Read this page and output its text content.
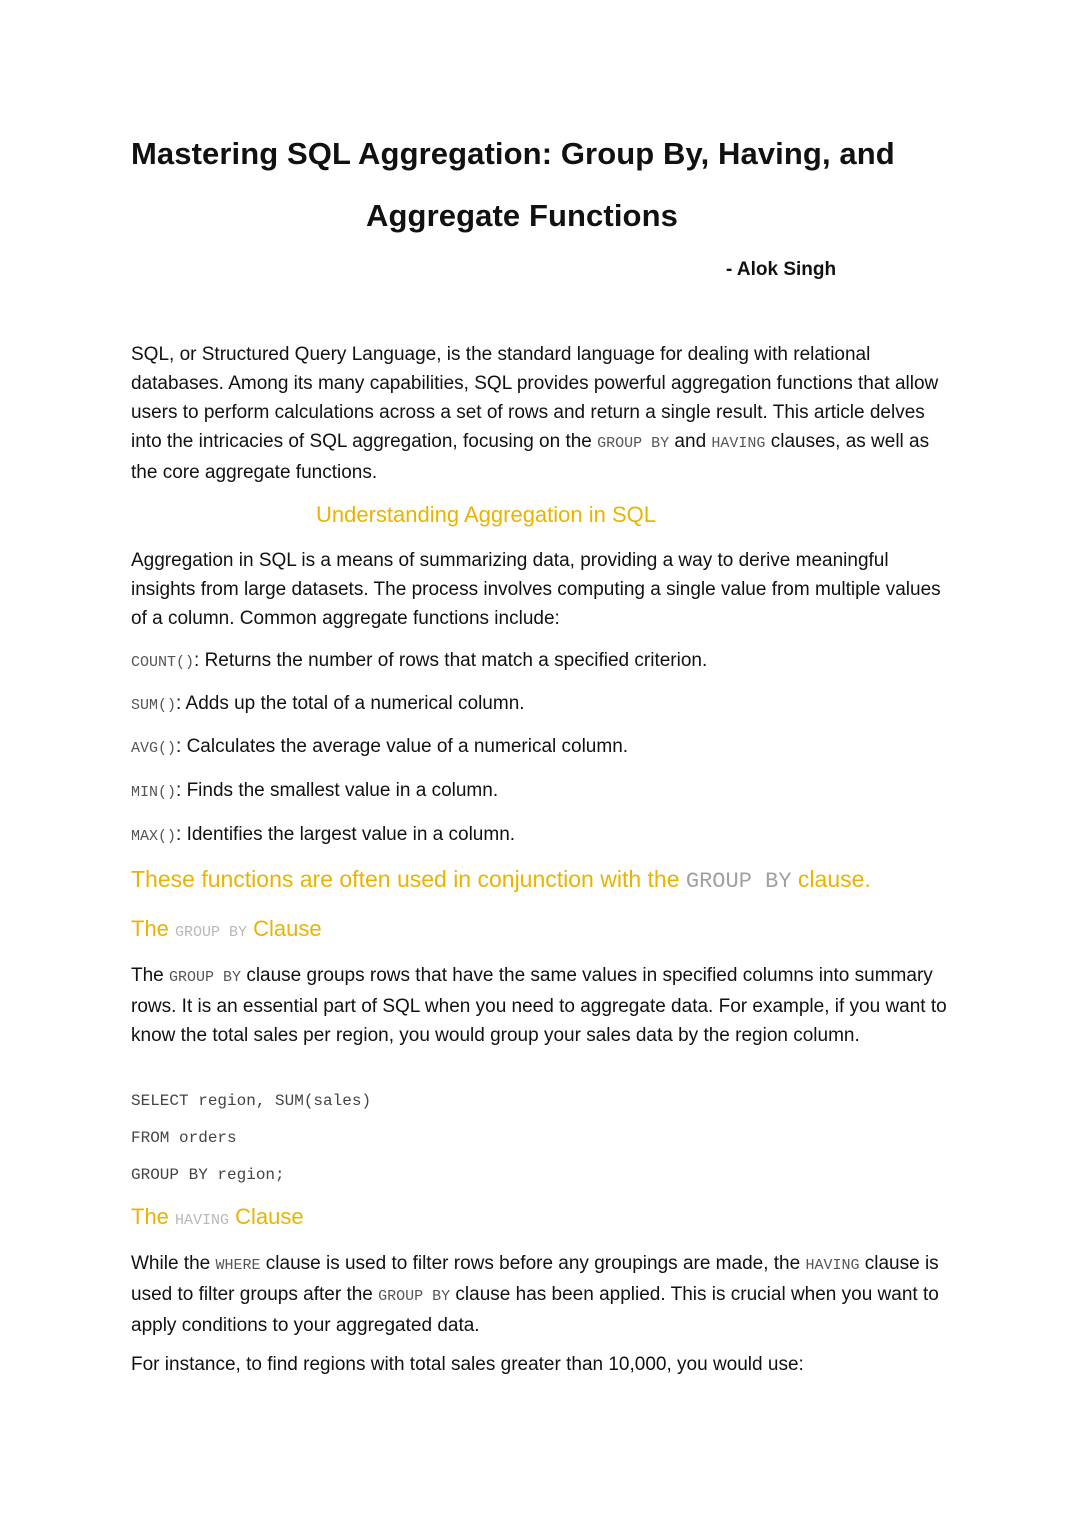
Mastering SQL Aggregation: Group By, Having, and
Aggregate Functions
- Alok Singh

SQL, or Structured Query Language, is the standard language for dealing with relational databases. Among its many capabilities, SQL provides powerful aggregation functions that allow users to perform calculations across a set of rows and return a single result. This article delves into the intricacies of SQL aggregation, focusing on the GROUP BY and HAVING clauses, as well as the core aggregate functions.

Understanding Aggregation in SQL

Aggregation in SQL is a means of summarizing data, providing a way to derive meaningful insights from large datasets. The process involves computing a single value from multiple values of a column. Common aggregate functions include:

COUNT(): Returns the number of rows that match a specified criterion.

SUM(): Adds up the total of a numerical column.

AVG(): Calculates the average value of a numerical column.

MIN(): Finds the smallest value in a column.

MAX(): Identifies the largest value in a column.

These functions are often used in conjunction with the GROUP BY clause.

The GROUP BY Clause

The GROUP BY clause groups rows that have the same values in specified columns into summary rows. It is an essential part of SQL when you need to aggregate data. For example, if you want to know the total sales per region, you would group your sales data by the region column.

SELECT region, SUM(sales)
FROM orders
GROUP BY region;
The HAVING Clause

While the WHERE clause is used to filter rows before any groupings are made, the HAVING clause is used to filter groups after the GROUP BY clause has been applied. This is crucial when you want to apply conditions to your aggregated data.

For instance, to find regions with total sales greater than 10,000, you would use:
